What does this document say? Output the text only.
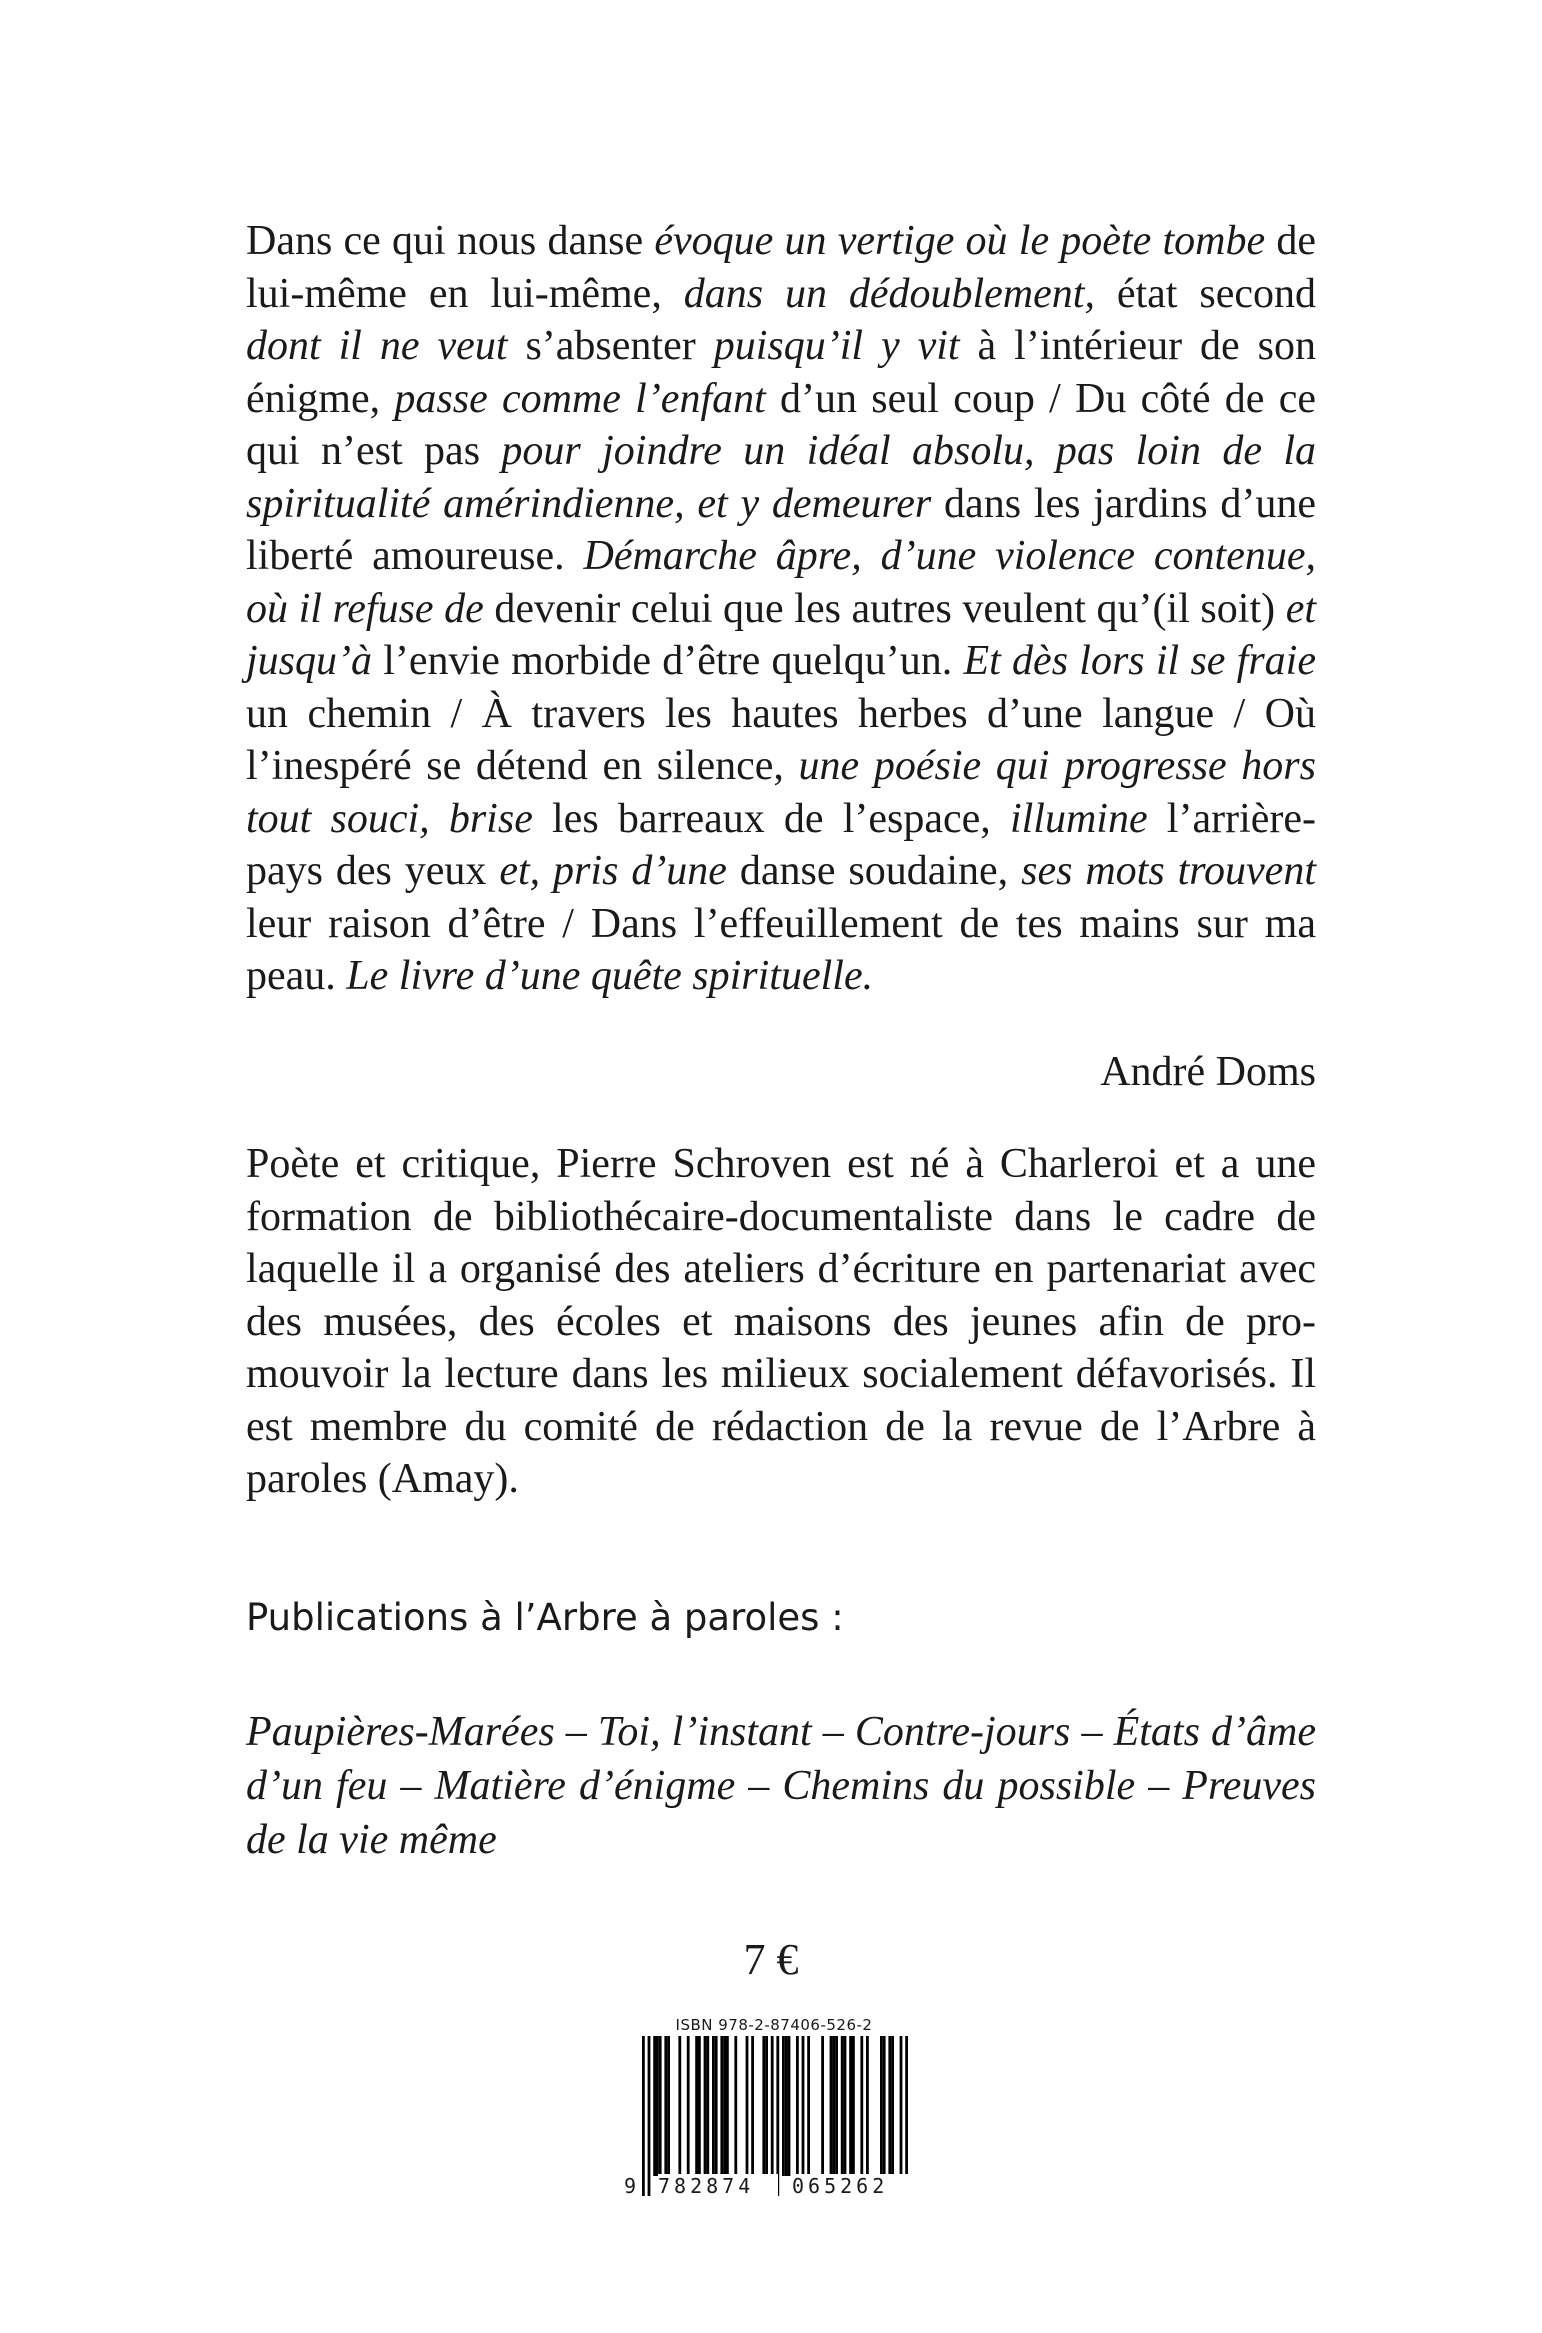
Dans ce qui nous danse évoque un vertige où le poète tombe de lui-même en lui-même, dans un dédoublement, état second dont il ne veut s’absenter puisqu’il y vit à l’intérieur de son énigme, passe comme l’enfant d’un seul coup / Du côté de ce qui n’est pas pour joindre un idéal absolu, pas loin de la spiritualité amérindienne, et y demeurer dans les jardins d’une liberté amoureuse. Démarche âpre, d’une violence contenue, où il refuse de devenir celui que les autres veulent qu’(il soit) et jusqu’à l’envie morbide d’être quelqu’un. Et dès lors il se fraie un chemin / À travers les hautes herbes d’une langue / Où l’inespéré se détend en silence, une poésie qui progresse hors tout souci, brise les barreaux de l’espace, illumine l’arrière-pays des yeux et, pris d’une danse soudaine, ses mots trouvent leur raison d’être / Dans l’effeuillement de tes mains sur ma peau. Le livre d’une quête spirituelle.

André Doms

Poète et critique, Pierre Schroven est né à Charleroi et a une formation de bibliothécaire-documentaliste dans le cadre de laquelle il a organisé des ateliers d’écriture en partenariat avec des musées, des écoles et maisons des jeunes afin de pro-mouvoir la lecture dans les milieux socialement défavorisés. Il est membre du comité de rédaction de la revue de l’Arbre à paroles (Amay).

Publications à l’Arbre à paroles :

Paupières-Marées – Toi, l’instant – Contre-jours – États d’âme d’un feu – Matière d’énigme – Chemins du possible – Preuves de la vie même

7 €

ISBN 978-2-87406-526-2
9 782874	065262
